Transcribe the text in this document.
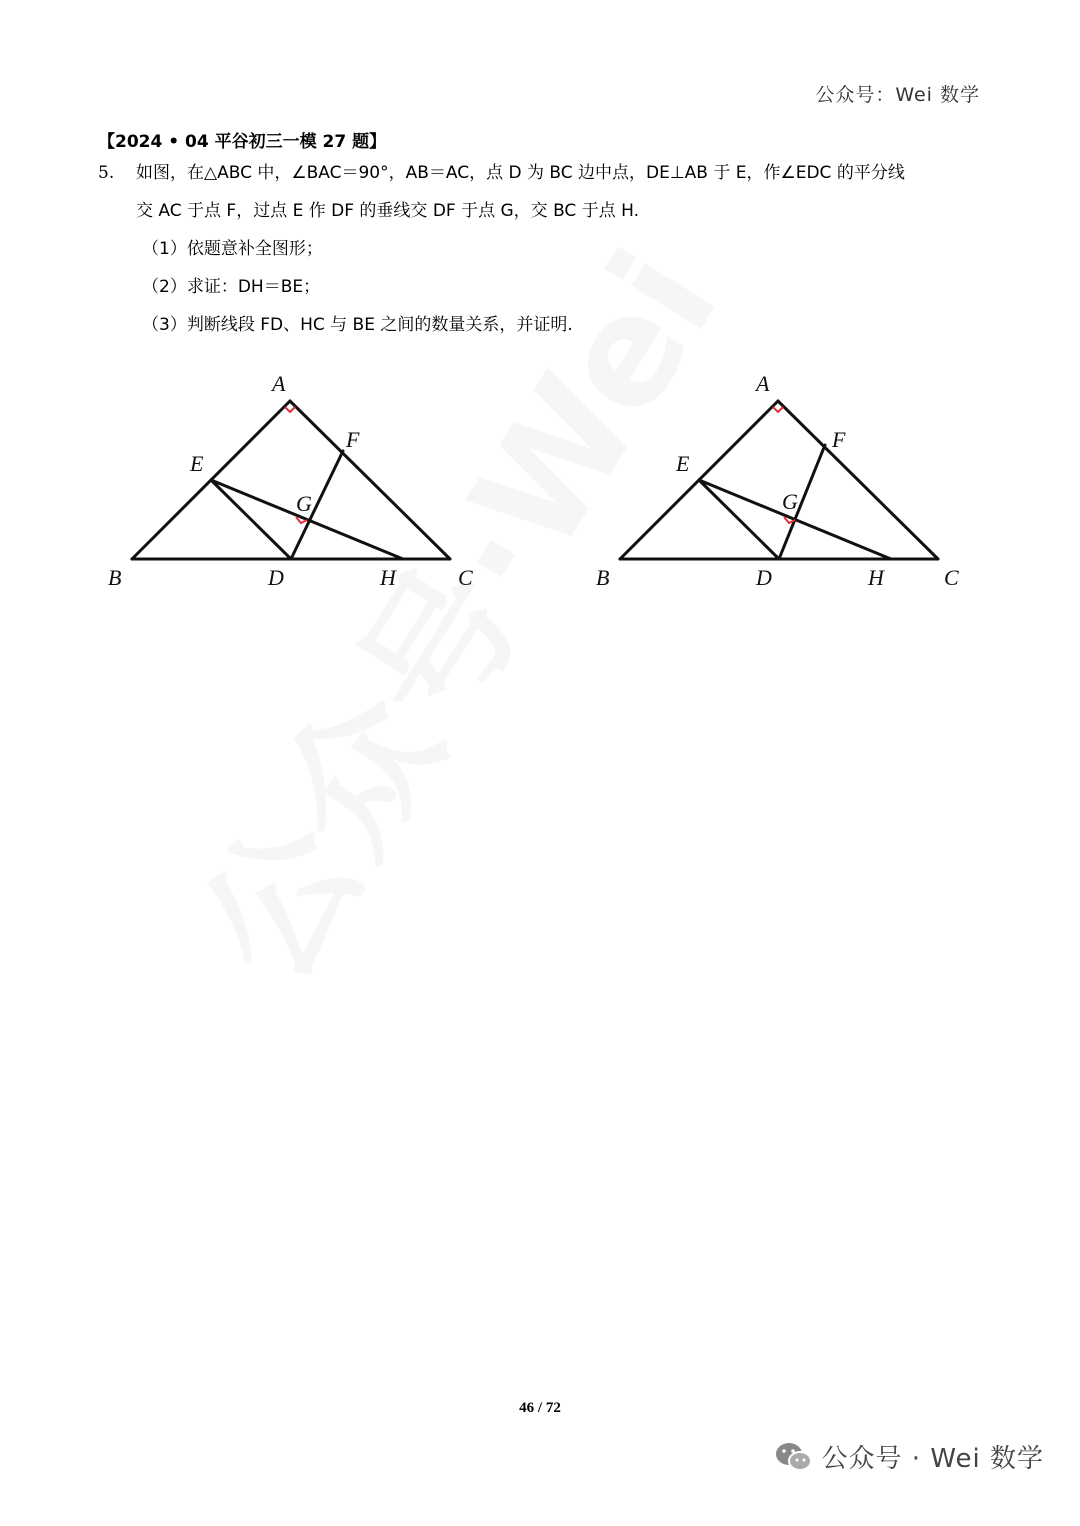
公众号：Wei 数学
【2024 • 04 平谷初三一模 27 题】
5. 如图，在△ABC 中，∠BAC＝90°，AB＝AC，点 D 为 BC 边中点，DE⊥AB 于 E，作∠EDC 的平分线
交 AC 于点 F，过点 E 作 DF 的垂线交 DF 于点 G，交 BC 于点 H.
（1）依题意补全图形；
（2）求证：DH＝BE；
（3）判断线段 FD、HC 与 BE 之间的数量关系，并证明.
A
B	C
D
E
F
G
H
A
B	C
D
E
F
G
H
46 / 72
公众号 · Wei 数学
